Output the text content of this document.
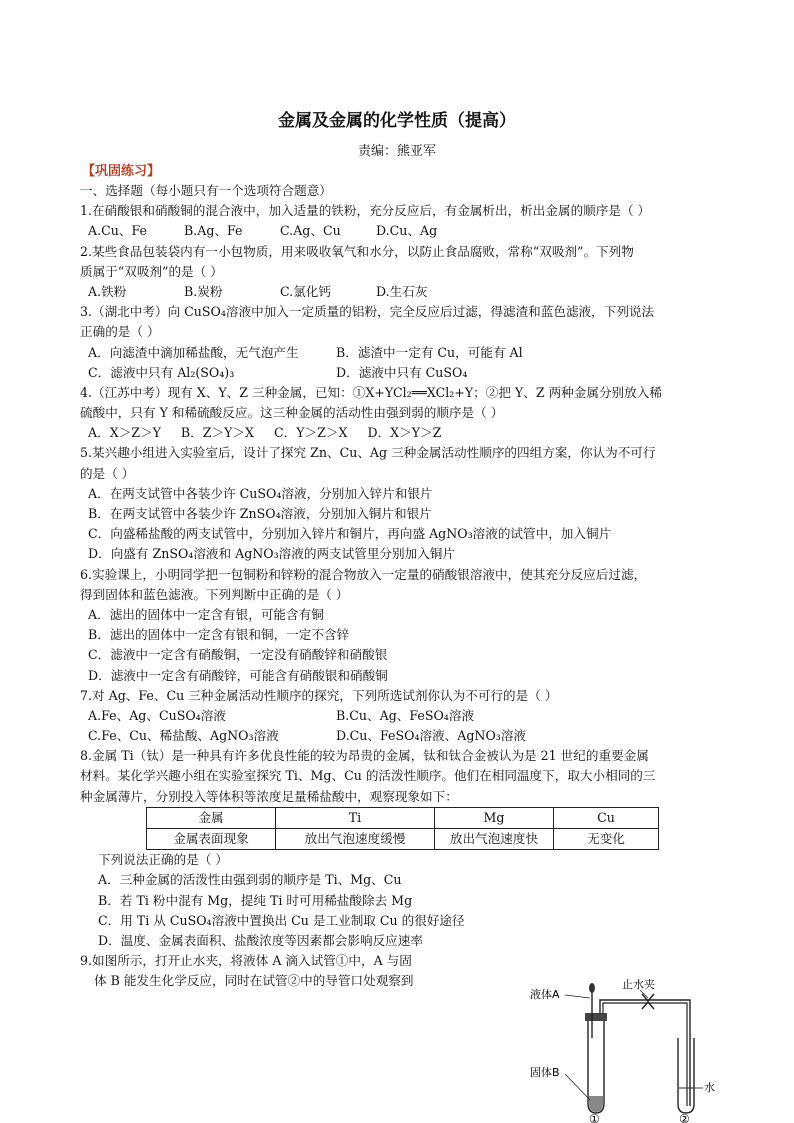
金属及金属的化学性质（提高）
责编：熊亚军
【巩固练习】
一、选择题（每小题只有一个选项符合题意）
1.在硝酸银和硝酸铜的混合液中，加入适量的铁粉，充分反应后，有金属析出，析出金属的顺序是（ ）
A.Cu、Fe	B.Ag、Fe	C.Ag、Cu	D.Cu、Ag
2.某些食品包装袋内有一小包物质，用来吸收氧气和水分，以防止食品腐败，常称“双吸剂”。下列物
质属于“双吸剂”的是（ ）
A.铁粉	B.炭粉	C.氯化钙	D.生石灰
3.（湖北中考）向 CuSO₄溶液中加入一定质量的铝粉，完全反应后过滤，得滤渣和蓝色滤液，下列说法
正确的是（ ）
A．向滤渣中滴加稀盐酸，无气泡产生	B．滤渣中一定有 Cu，可能有 Al
C．滤液中只有 Al₂(SO₄)₃	D．滤液中只有 CuSO₄
4.（江苏中考）现有 X、Y、Z 三种金属，已知：①X+YCl₂══XCl₂+Y；②把 Y、Z 两种金属分别放入稀
硫酸中，只有 Y 和稀硫酸反应。这三种金属的活动性由强到弱的顺序是（ ）
A．X＞Z＞Y     B．Z＞Y＞X     C．Y＞Z＞X     D．X＞Y＞Z
5.某兴趣小组进入实验室后，设计了探究 Zn、Cu、Ag 三种金属活动性顺序的四组方案，你认为不可行
的是（ ）
A．在两支试管中各装少许 CuSO₄溶液，分别加入锌片和银片
B．在两支试管中各装少许 ZnSO₄溶液，分别加入铜片和银片
C．向盛稀盐酸的两支试管中，分别加入锌片和铜片，再向盛 AgNO₃溶液的试管中，加入铜片
D．向盛有 ZnSO₄溶液和 AgNO₃溶液的两支试管里分别加入铜片
6.实验课上，小明同学把一包铜粉和锌粉的混合物放入一定量的硝酸银溶液中，使其充分反应后过滤，
得到固体和蓝色滤液。下列判断中正确的是（ ）
A．滤出的固体中一定含有银，可能含有铜
B．滤出的固体中一定含有银和铜，一定不含锌
C．滤液中一定含有硝酸铜，一定没有硝酸锌和硝酸银
D．滤液中一定含有硝酸锌，可能含有硝酸银和硝酸铜
7.对 Ag、Fe、Cu 三种金属活动性顺序的探究，下列所选试剂你认为不可行的是（ ）
A.Fe、Ag、CuSO₄溶液	B.Cu、Ag、FeSO₄溶液
C.Fe、Cu、稀盐酸、AgNO₃溶液	D.Cu、FeSO₄溶液、AgNO₃溶液
8.金属 Ti（钛）是一种具有许多优良性能的较为昂贵的金属，钛和钛合金被认为是 21 世纪的重要金属
材料。某化学兴趣小组在实验室探究 Ti、Mg、Cu 的活泼性顺序。他们在相同温度下，取大小相同的三
种金属薄片，分别投入等体积等浓度足量稀盐酸中，观察现象如下：
金属	Ti	Mg	Cu
金属表面现象	放出气泡速度缓慢	放出气泡速度快	无变化
下列说法正确的是（ ）
A．三种金属的活泼性由强到弱的顺序是 Ti、Mg、Cu
B．若 Ti 粉中混有 Mg，提纯 Ti 时可用稀盐酸除去 Mg
C．用 Ti 从 CuSO₄溶液中置换出 Cu 是工业制取 Cu 的很好途径
D．温度、金属表面积、盐酸浓度等因素都会影响反应速率
9.如图所示，打开止水夹，将液体 A 滴入试管①中，A 与固
体 B 能发生化学反应，同时在试管②中的导管口处观察到	止水夹
液体A
固体B
水
①	②
